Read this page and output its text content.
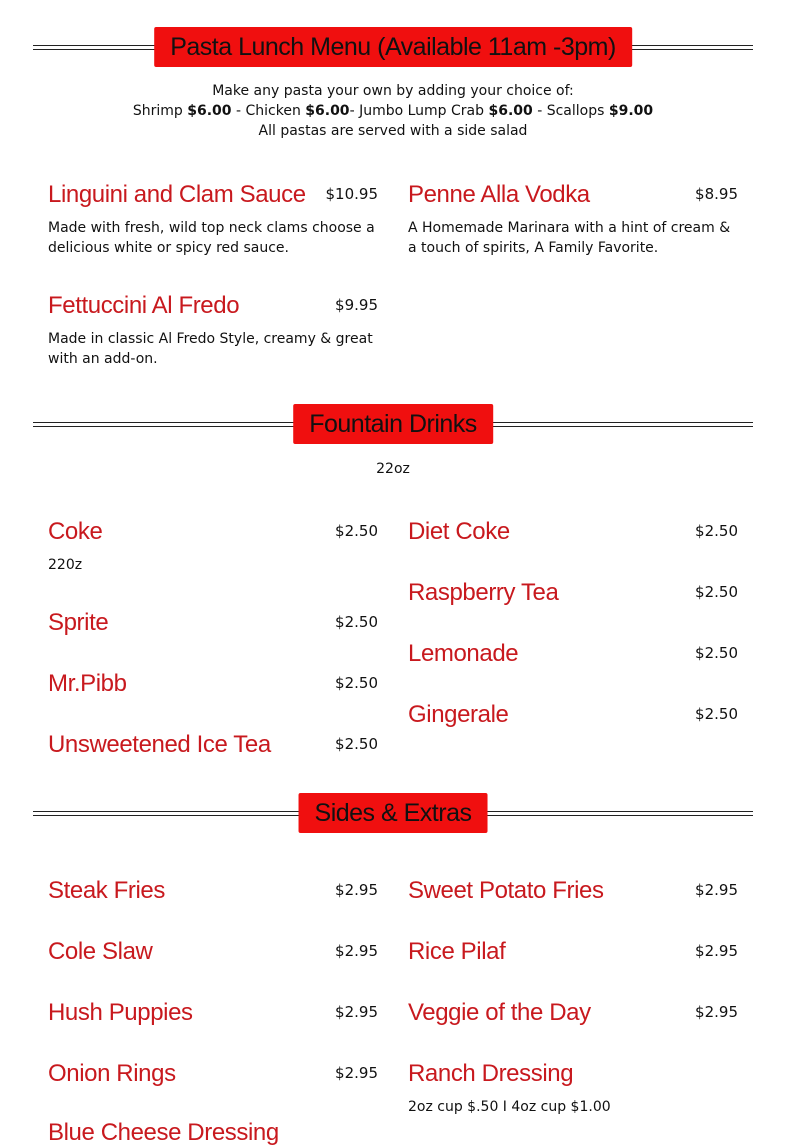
Pasta Lunch Menu (Available 11am -3pm)
Make any pasta your own by adding your choice of:
Shrimp $6.00 - Chicken $6.00- Jumbo Lump Crab $6.00 - Scallops $9.00
All pastas are served with a side salad
Linguini and Clam Sauce $10.95
Made with fresh, wild top neck clams choose a delicious white or spicy red sauce.
Penne Alla Vodka	$8.95
A Homemade Marinara with a hint of cream & a touch of spirits, A Family Favorite.
Fettuccini Al Fredo	$9.95
Made in classic Al Fredo Style, creamy & great with an add-on.
Fountain Drinks
22oz
Coke	$2.50
220z
Diet Coke	$2.50
Raspberry Tea	$2.50
Sprite	$2.50
Lemonade	$2.50
Mr.Pibb	$2.50
Gingerale	$2.50
Unsweetened Ice Tea	$2.50
Sides & Extras
Steak Fries	$2.95 Sweet Potato Fries	$2.95
Cole Slaw	$2.95 Rice Pilaf	$2.95
Hush Puppies	$2.95 Veggie of the Day	$2.95
Onion Rings	$2.95 Ranch Dressing
2oz cup $.50 I 4oz cup $1.00
Blue Cheese Dressing
